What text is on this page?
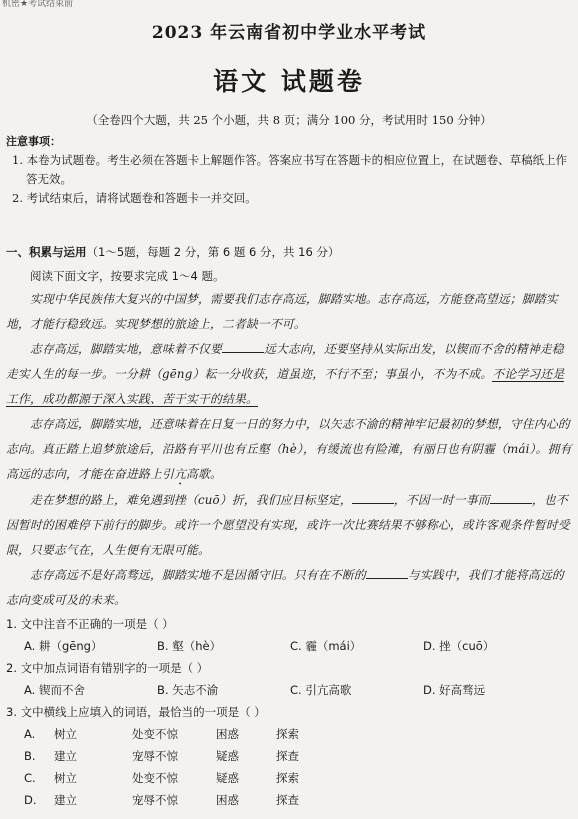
机密★考试结束前
2023 年云南省初中学业水平考试
语文 试题卷
（全卷四个大题，共 25 个小题，共 8 页；满分 100 分，考试用时 150 分钟）
注意事项：
1. 本卷为试题卷。考生必须在答题卡上解题作答。答案应书写在答题卡的相应位置上，在试题卷、草稿纸上作答无效。
2. 考试结束后，请将试题卷和答题卡一并交回。
一、积累与运用（1～5题，每题 2 分，第 6 题 6 分，共 16 分）
阅读下面文字，按要求完成 1～4 题。
实现中华民族伟大复兴的中国梦，需要我们志存高远，脚踏实地。志存高远，方能登高望远；脚踏实地，才能行稳致远。实现梦想的旅途上，二者缺一不可。
志存高远，脚踏实地，意味着不仅要	远大志向，还要坚持从实际出发，以锲而不舍的精神走稳走实人生的每一步。一分耕（gēng）耘一分收获，道虽迩，不行不至；事虽小，不为不成。不论学习还是工作，成功都源于深入实践、苦干实干的结果。
志存高远，脚踏实地，还意味着在日复一日的努力中，以矢志不渝的精神牢记最初的梦想，守住内心的志向。真正踏上追梦旅途后，沿路有平川也有丘壑（hè），有缓流也有险滩，有丽日也有阴霾（mái）。拥有高远的志向，才能在奋进路上引亢高歌。
走在梦想的路上，难免遇到挫（cuō）折，我们应目标坚定，	，不因一时一事而	，也不因暂时的困难停下前行的脚步。或许一个愿望没有实现，或许一次比赛结果不够称心，或许客观条件暂时受限，只要志气在，人生便有无限可能。
志存高远不是好高骛远，脚踏实地不是因循守旧。只有在不断的	与实践中，我们才能将高远的志向变成可及的未来。
1. 文中注音不正确的一项是（ ）
A. 耕（gēng）	B. 壑（hè）	C. 霾（mái）	D. 挫（cuō）
2. 文中加点词语有错别字的一项是（ ）
A. 锲而不舍	B. 矢志不渝	C. 引亢高歌	D. 好高骛远
3. 文中横线上应填入的词语，最恰当的一项是（ ）
A.	树立	处变不惊	困惑	探索
B.	建立	宠辱不惊	疑惑	探查
C.	树立	处变不惊	疑惑	探索
D.	建立	宠辱不惊	困惑	探查
